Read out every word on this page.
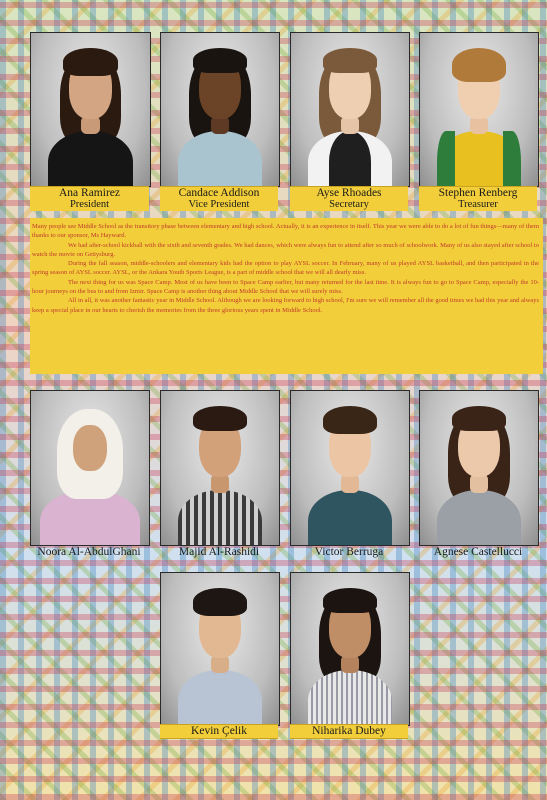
Ana Ramirez
President
Candace Addison
Vice President
Ayse Rhoades
Secretary
Stephen Renberg
Treasurer

Many people see Middle School as the transitory phase between elementary and high school. Actually, it is an experience in itself. This year we were able to do a lot of fun things—many of them thanks to our sponsor, Ms Hayward.

We had after-school kickball with the sixth and seventh grades. We had dances, which were always fun to attend after so much of schoolwork. Many of us also stayed after school to watch the movie on Gettysburg.

During the fall season, middle-schoolers and elementary kids had the option to play AYSL soccer. In February, many of us played AYSL basketball, and then participated in the spring season of AYSL soccer. AYSL, or the Ankara Youth Sports League, is a part of middle school that we will all dearly miss.

The next thing for us was Space Camp. Most of us have been to Space Camp earlier, but many returned for the last time. It is always fun to go to Space Camp, especially the 10-hour journeys on the bus to and from Izmir. Space Camp is another thing about Middle School that we will surely miss.

All in all, it was another fantastic year in Middle School. Although we are looking forward to high school, I'm sure we will remember all the good times we had this year and always keep a special place in our hearts to cherish the memories from the three glorious years spent in Middle School.

Noora Al-AbdulGhani	Majid Al-Rashidi	Victor Berruga	Agnese Castellucci
Kevin Çelik	Niharika Dubey
